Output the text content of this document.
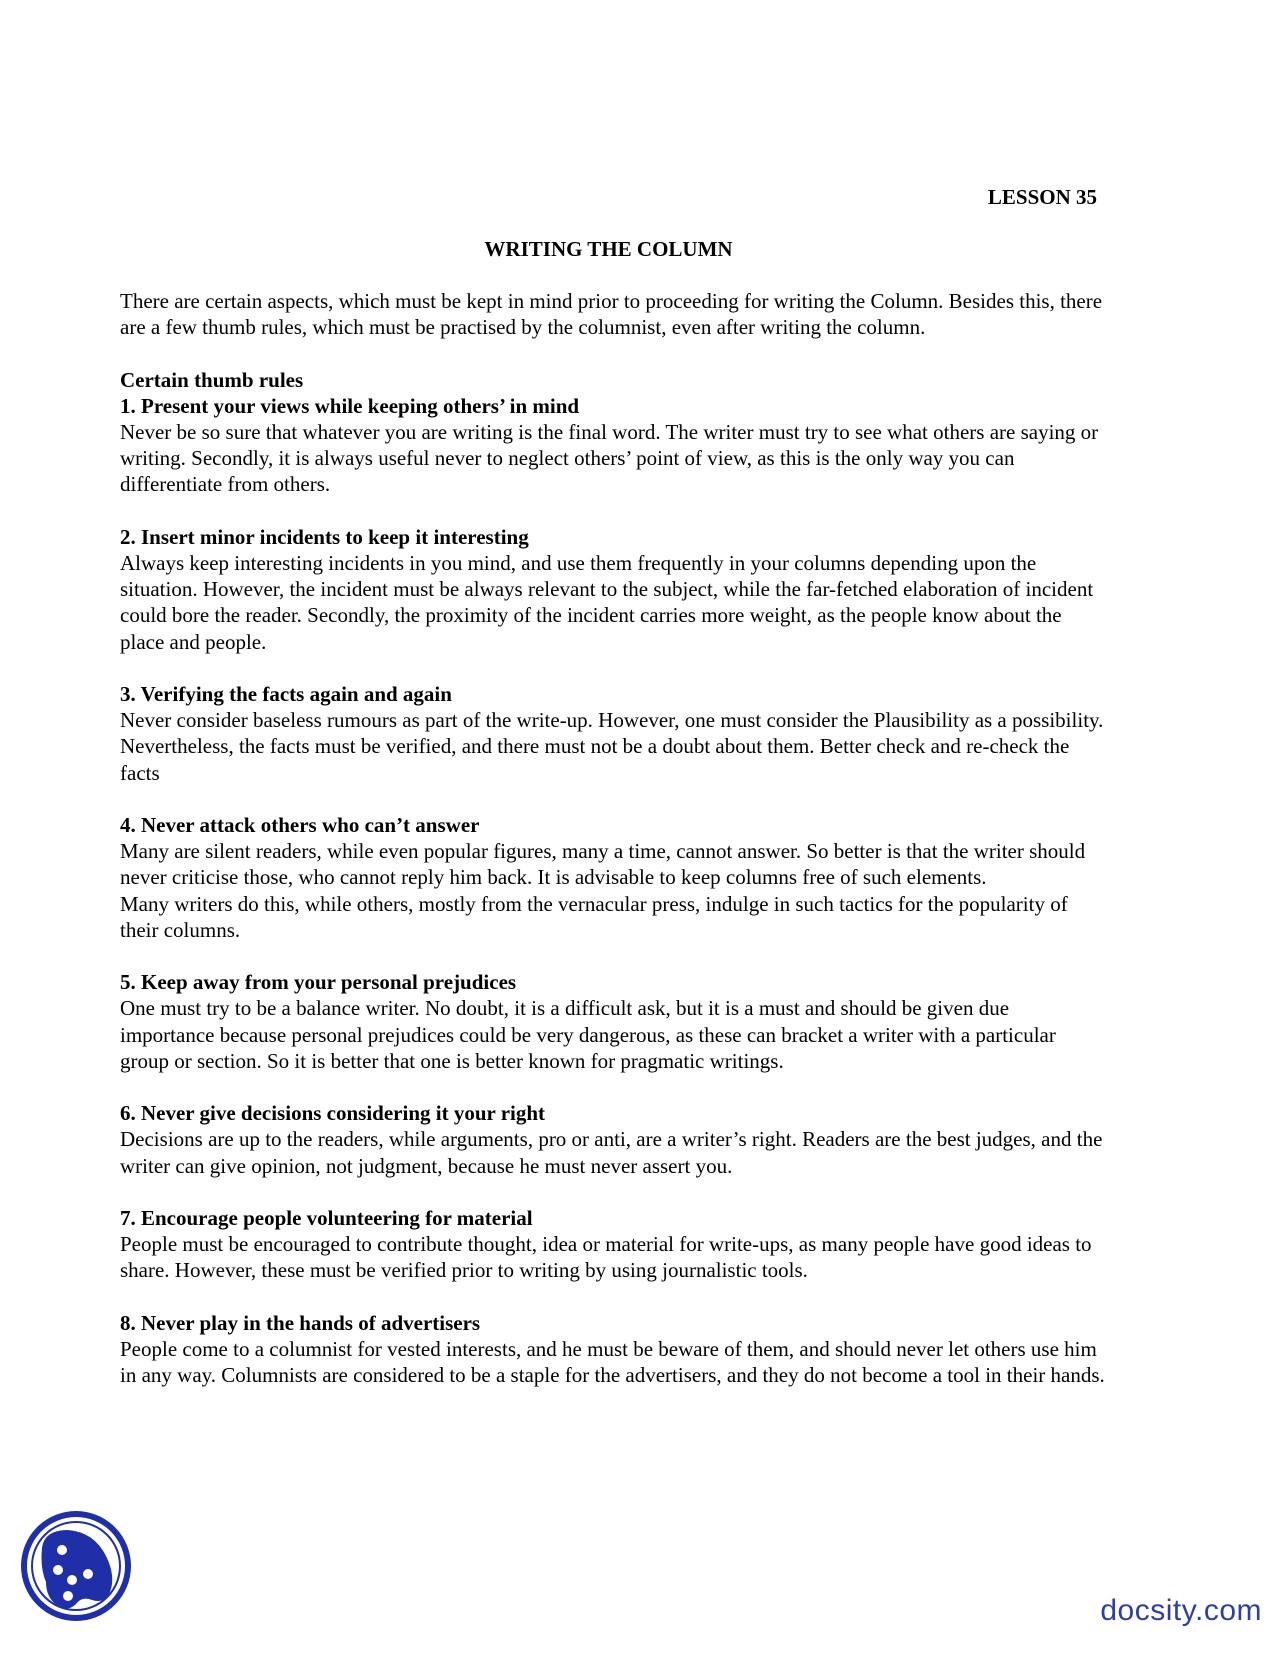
LESSON 35
WRITING THE COLUMN

There are certain aspects, which must be kept in mind prior to proceeding for writing the Column. Besides this, there are a few thumb rules, which must be practised by the columnist, even after writing the column.

Certain thumb rules
1. Present your views while keeping others’ in mind

Never be so sure that whatever you are writing is the final word. The writer must try to see what others are saying or writing. Secondly, it is always useful never to neglect others’ point of view, as this is the only way you can differentiate from others.

2. Insert minor incidents to keep it interesting

Always keep interesting incidents in you mind, and use them frequently in your columns depending upon the situation. However, the incident must be always relevant to the subject, while the far-fetched elaboration of incident could bore the reader. Secondly, the proximity of the incident carries more weight, as the people know about the place and people.

3. Verifying the facts again and again

Never consider baseless rumours as part of the write-up. However, one must consider the Plausibility as a possibility. Nevertheless, the facts must be verified, and there must not be a doubt about them. Better check and re-check the facts

4. Never attack others who can’t answer

Many are silent readers, while even popular figures, many a time, cannot answer. So better is that the writer should never criticise those, who cannot reply him back. It is advisable to keep columns free of such elements.

Many writers do this, while others, mostly from the vernacular press, indulge in such tactics for the popularity of their columns.

5. Keep away from your personal prejudices

One must try to be a balance writer. No doubt, it is a difficult ask, but it is a must and should be given due importance because personal prejudices could be very dangerous, as these can bracket a writer with a particular group or section. So it is better that one is better known for pragmatic writings.

6. Never give decisions considering it your right

Decisions are up to the readers, while arguments, pro or anti, are a writer’s right. Readers are the best judges, and the writer can give opinion, not judgment, because he must never assert you.

7. Encourage people volunteering for material

People must be encouraged to contribute thought, idea or material for write-ups, as many people have good ideas to share. However, these must be verified prior to writing by using journalistic tools.

8. Never play in the hands of advertisers

People come to a columnist for vested interests, and he must be beware of them, and should never let others use him in any way. Columnists are considered to be a staple for the advertisers, and they do not become a tool in their hands.

docsity.com
